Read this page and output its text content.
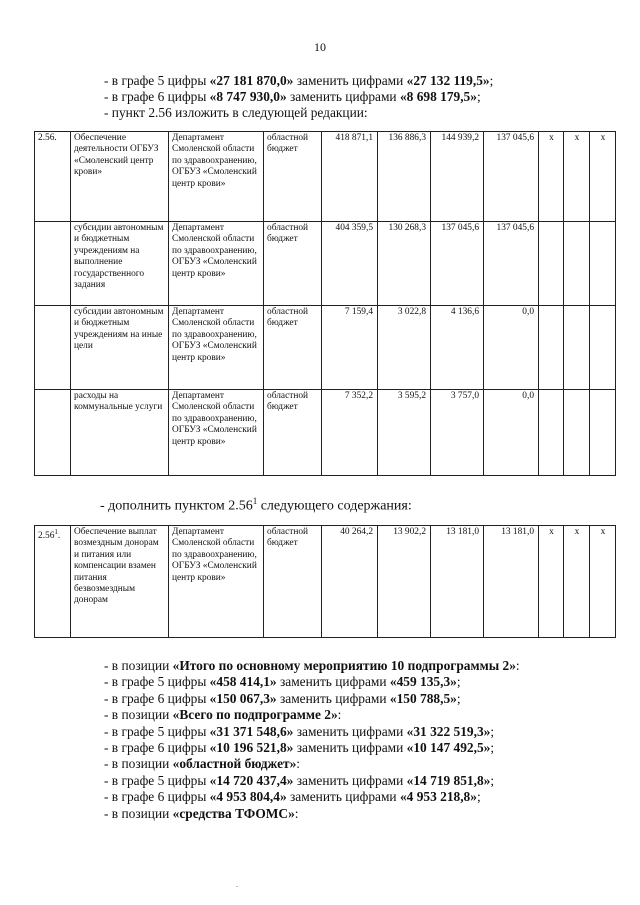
10
- в графе 5 цифры «27 181 870,0» заменить цифрами «27 132 119,5»;
- в графе 6 цифры «8 747 930,0» заменить цифрами «8 698 179,5»;
- пункт 2.56 изложить в следующей редакции:
2.56.	Обеспечение деятельности ОГБУЗ «Смоленский центр крови»	Департамент Смоленской области по здравоохранению, ОГБУЗ «Смоленский центр крови»	областной бюджет	418 871,1	136 886,3	144 939,2	137 045,6	x	x	x
	субсидии автономным и бюджетным учреждениям на выполнение государственного задания	Департамент Смоленской области по здравоохранению, ОГБУЗ «Смоленский центр крови»	областной бюджет	404 359,5	130 268,3	137 045,6	137 045,6			
	субсидии автономным и бюджетным учреждениям на иные цели	Департамент Смоленской области по здравоохранению, ОГБУЗ «Смоленский центр крови»	областной бюджет	7 159,4	3 022,8	4 136,6	0,0			
	расходы на коммунальные услуги	Департамент Смоленской области по здравоохранению, ОГБУЗ «Смоленский центр крови»	областной бюджет	7 352,2	3 595,2	3 757,0	0,0			
- дополнить пунктом 2.56$^1$ следующего содержания:
2.56$^1$.	Обеспечение выплат возмездным донорам и питания или компенсации взамен питания безвозмездным донорам	Департамент Смоленской области по здравоохранению, ОГБУЗ «Смоленский центр крови»	областной бюджет	40 264,2	13 902,2	13 181,0	13 181,0	x	x	x
- в позиции «Итого по основному мероприятию 10 подпрограммы 2»:
- в графе 5 цифры «458 414,1» заменить цифрами «459 135,3»;
- в графе 6 цифры «150 067,3» заменить цифрами «150 788,5»;
- в позиции «Всего по подпрограмме 2»:
- в графе 5 цифры «31 371 548,6» заменить цифрами «31 322 519,3»;
- в графе 6 цифры «10 196 521,8» заменить цифрами «10 147 492,5»;
- в позиции «областной бюджет»:
- в графе 5 цифры «14 720 437,4» заменить цифрами «14 719 851,8»;
- в графе 6 цифры «4 953 804,4» заменить цифрами «4 953 218,8»;
- в позиции «средства ТФОМС»:
.
